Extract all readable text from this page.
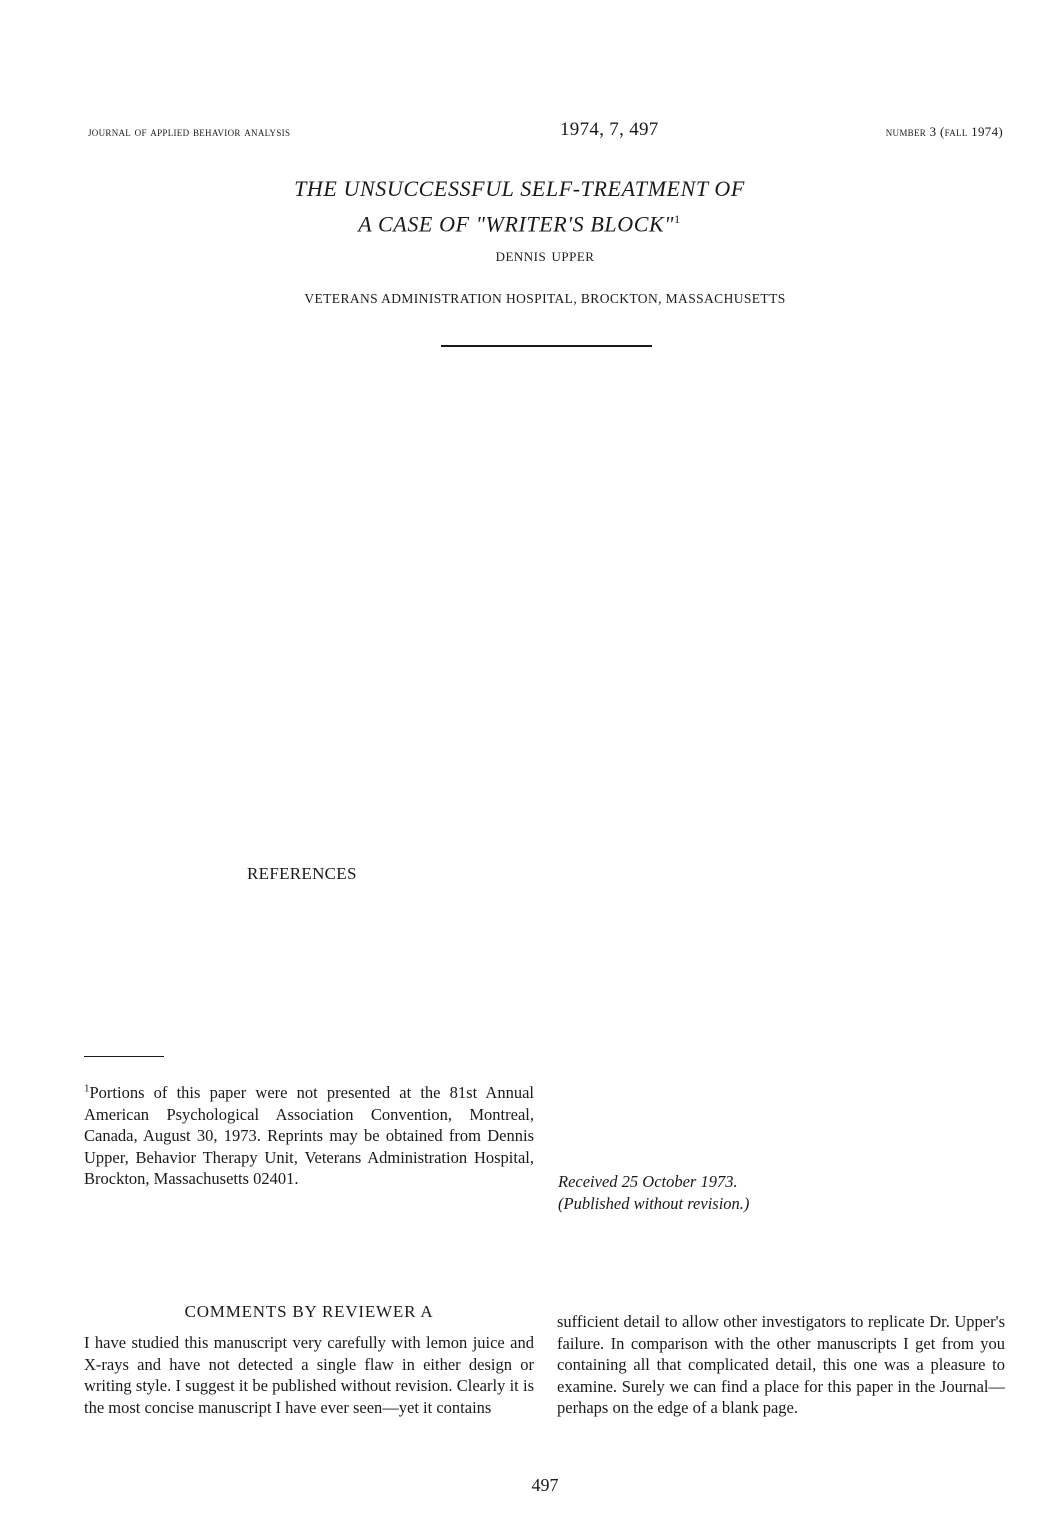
journal of applied behavior analysis	1974, 7, 497	number 3 (fall 1974)
THE UNSUCCESSFUL SELF-TREATMENT OF
A CASE OF "WRITER'S BLOCK"$^1$
dennis upper
VETERANS ADMINISTRATION HOSPITAL, BROCKTON, MASSACHUSETTS
REFERENCES
$^1$Portions of this paper were not presented at the 81st Annual American Psychological Association Convention, Montreal, Canada, August 30, 1973. Reprints may be obtained from Dennis Upper, Behavior Therapy Unit, Veterans Administration Hospital, Brockton, Massachusetts 02401.	Received 25 October 1973.
(Published without revision.)
COMMENTS BY REVIEWER A
I have studied this manuscript very carefully with lemon juice and X-rays and have not detected a single flaw in either design or writing style. I suggest it be published without revision. Clearly it is the most concise manuscript I have ever seen—yet it contains
sufficient detail to allow other investigators to replicate Dr. Upper's failure. In comparison with the other manuscripts I get from you containing all that complicated detail, this one was a pleasure to examine. Surely we can find a place for this paper in the Journal—perhaps on the edge of a blank page.
497
